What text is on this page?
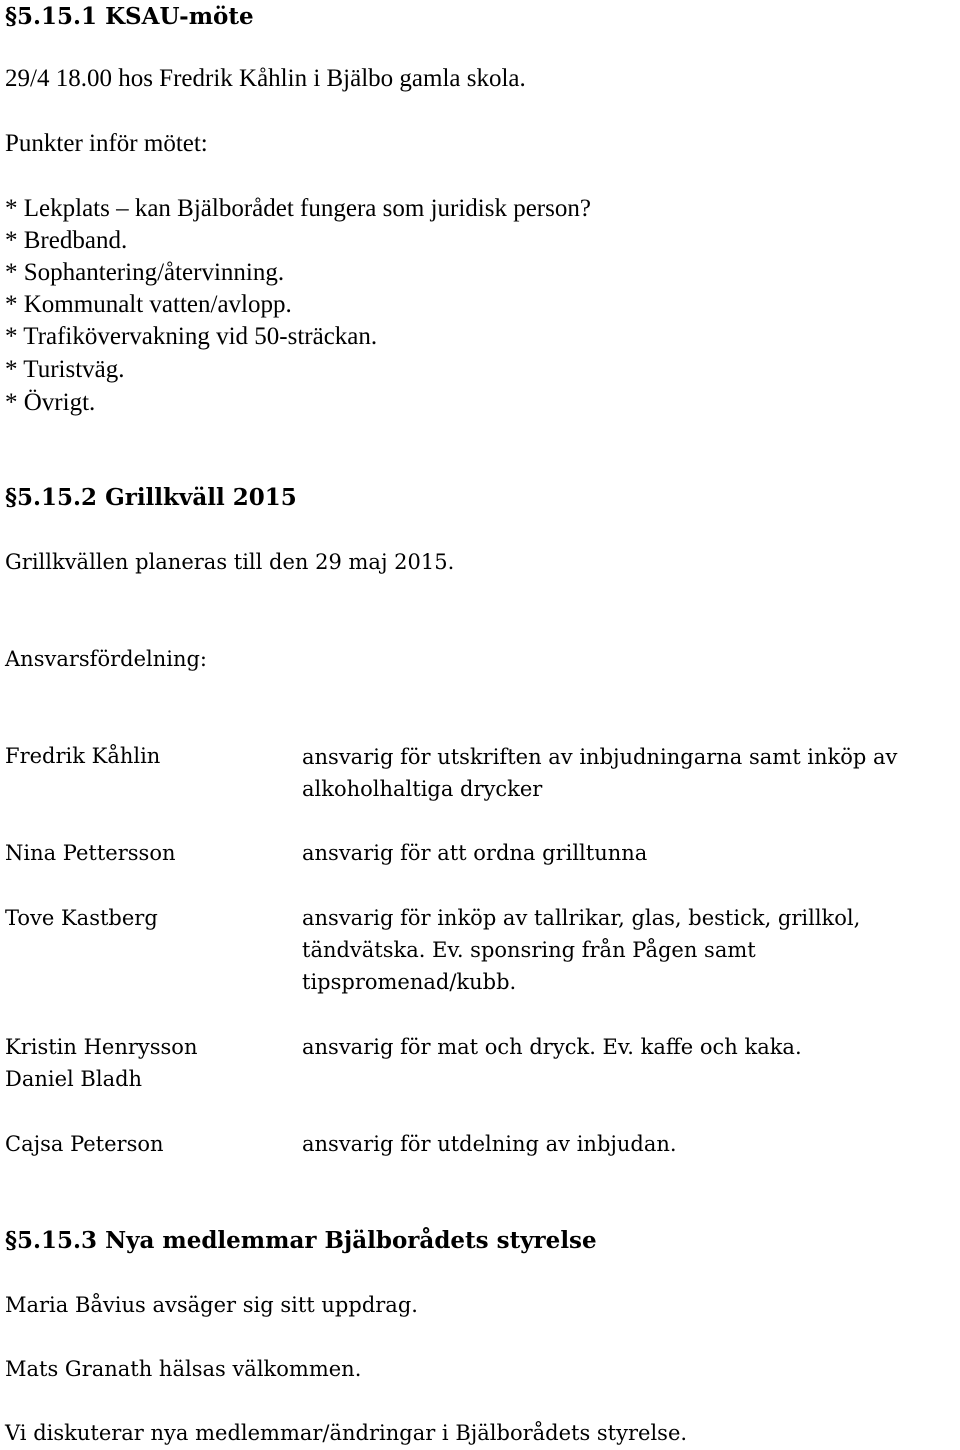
§5.15.1 KSAU-möte
29/4 18.00 hos Fredrik Kåhlin i Bjälbo gamla skola.
Punkter inför mötet:
* Lekplats – kan Bjälborådet fungera som juridisk person?
* Bredband.
* Sophantering/återvinning.
* Kommunalt vatten/avlopp.
* Trafikövervakning vid 50-sträckan.
* Turistväg.
* Övrigt.
§5.15.2 Grillkväll 2015
Grillkvällen planeras till den 29 maj 2015.
Ansvarsfördelning:
Fredrik Kåhlin	ansvarig för utskriften av inbjudningarna samt inköp av alkoholhaltiga drycker
Nina Pettersson	ansvarig för att ordna grilltunna
Tove Kastberg	ansvarig för inköp av tallrikar, glas, bestick, grillkol, tändvätska. Ev. sponsring från Pågen samt tipspromenad/kubb.
Kristin Henrysson	ansvarig för mat och dryck. Ev. kaffe och kaka.
Daniel Bladh
Cajsa Peterson	ansvarig för utdelning av inbjudan.
§5.15.3 Nya medlemmar Bjälborådets styrelse
Maria Båvius avsäger sig sitt uppdrag.
Mats Granath hälsas välkommen.
Vi diskuterar nya medlemmar/ändringar i Bjälborådets styrelse.
